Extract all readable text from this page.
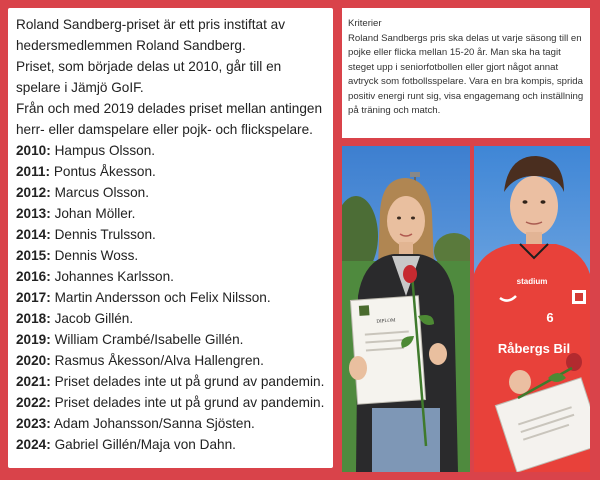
Roland Sandberg-priset är ett pris instiftat av hedersmedlemmen Roland Sandberg.

Priset, som började delas ut 2010, går till en spelare i Jämjö GoIF.

Från och med 2019 delades priset mellan antingen herr- eller damspelare eller pojk- och flickspelare.

2010: Hampus Olsson.
2011: Pontus Åkesson.
2012: Marcus Olsson.
2013: Johan Möller.
2014: Dennis Trulsson.
2015: Dennis Woss.
2016: Johannes Karlsson.
2017: Martin Andersson och Felix Nilsson.
2018: Jacob Gillén.
2019: William Crambé/Isabelle Gillén.
2020: Rasmus Åkesson/Alva Hallengren.
2021: Priset delades inte ut på grund av pandemin.
2022: Priset delades inte ut på grund av pandemin.
2023: Adam Johansson/Sanna Sjösten.
2024: Gabriel Gillén/Maja von Dahn.

Kriterier

Roland Sandbergs pris ska delas ut varje säsong till en pojke eller flicka mellan 15-20 år. Man ska ha tagit steget upp i seniorfotbollen eller gjort något annat avtryck som fotbollsspelare. Vara en bra kompis, sprida positiv energi runt sig, visa engagemang och inställning på träning och match.

DIPLOM
stadium
6
Råbergs Bil
